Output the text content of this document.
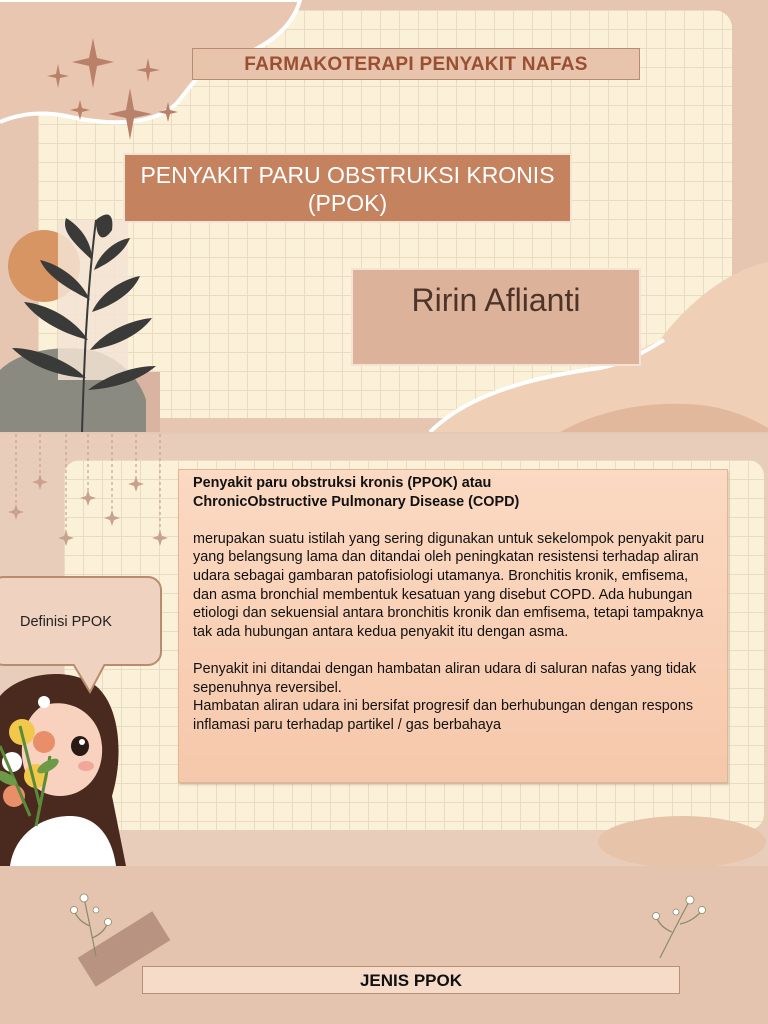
FARMAKOTERAPI PENYAKIT NAFAS
PENYAKIT PARU OBSTRUKSI KRONIS (PPOK)
Ririn Aflianti
Definisi PPOK
Penyakit paru obstruksi kronis (PPOK) atau
ChronicObstructive Pulmonary Disease (COPD)

merupakan suatu istilah yang sering digunakan untuk sekelompok penyakit paru yang belangsung lama dan ditandai oleh peningkatan resistensi terhadap aliran udara sebagai gambaran patofisiologi utamanya. Bronchitis kronik, emfisema, dan asma bronchial membentuk kesatuan yang disebut COPD. Ada hubungan etiologi dan sekuensial antara bronchitis kronik dan emfisema, tetapi tampaknya tak ada hubungan antara kedua penyakit itu dengan asma.

Penyakit ini ditandai dengan hambatan aliran udara di saluran nafas yang tidak sepenuhnya reversibel.

Hambatan aliran udara ini bersifat progresif dan berhubungan dengan respons inflamasi paru terhadap partikel / gas berbahaya

JENIS PPOK
